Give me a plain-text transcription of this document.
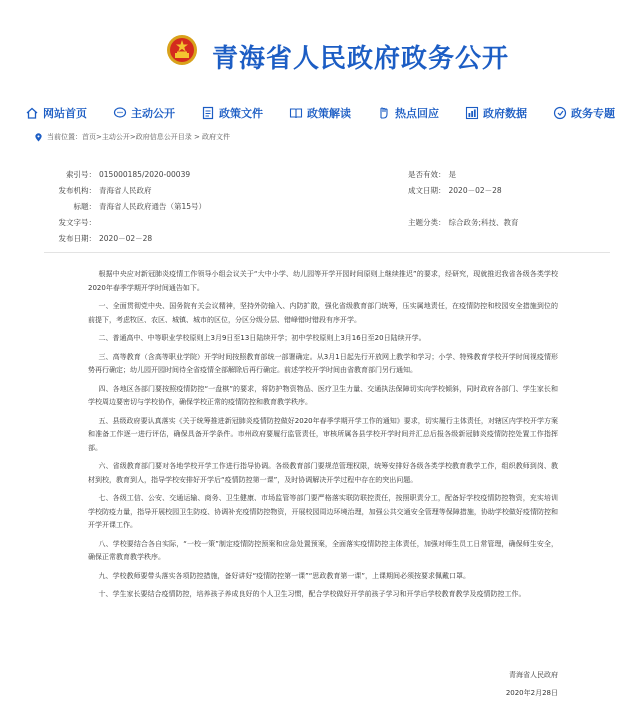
青海省人民政府政务公开
网站首页	主动公开	政策文件	政策解读	热点回应	政府数据	政务专题
当前位置：首页>主动公开>政府信息公开目录 > 政府文件
索引号： 015000185/2020-00039	是否有效： 是
发布机构： 青海省人民政府	成文日期： 2020－02－28
标题： 青海省人民政府通告（第15号）
发文字号：	主题分类： 综合政务;科技、教育
发布日期： 2020－02－28

根据中央应对新冠肺炎疫情工作领导小组会议关于“大中小学、幼儿园等开学开园时间原则上继续推迟”的要求，经研究，现就推迟我省各级各类学校2020年春季学期开学时间通告如下。

一、全面贯彻党中央、国务院有关会议精神，坚持外防输入、内防扩散，强化省级教育部门统筹，压实属地责任，在疫情防控和校园安全措施到位的前提下，考虑牧区、农区、城镇、城市的区位，分区分级分层、错峰错时错段有序开学。

二、普通高中、中等职业学校原则上3月9日至13日陆续开学；初中学校原则上3月16日至20日陆续开学。

三、高等教育（含高等职业学院）开学时间按照教育部统一部署确定。从3月1日起先行开放网上教学和学习；小学、特殊教育学校开学时间视疫情形势再行确定；幼儿园开园时间待全省疫情全部解除后再行确定。前述学校开学时间由省教育部门另行通知。

四、各地区各部门要按照疫情防控“一盘棋”的要求，将防护物资物品、医疗卫生力量、交通执法保障切实向学校倾斜，同时政府各部门、学生家长和学校周边要密切与学校协作，确保学校正常的疫情防控和教育教学秩序。

五、县级政府要认真落实《关于统筹推进新冠肺炎疫情防控做好2020年春季学期开学工作的通知》要求，切实履行主体责任，对辖区内学校开学方案和准备工作逐一进行评估，确保具备开学条件。市州政府要履行监管责任，审核所属各县学校开学时间并汇总后报各级新冠肺炎疫情防控处置工作指挥部。

六、省级教育部门要对各地学校开学工作进行指导协调。各级教育部门要规范管理权限，统筹安排好各级各类学校教育教学工作，组织教师到岗、教材到校，教育到人，指导学校安排好开学后“疫情防控第一课”，及时协调解决开学过程中存在的突出问题。

七、各级工信、公安、交通运输、商务、卫生健康、市场监管等部门要严格落实联防联控责任，按照职责分工，配备好学校疫情防控物资，充实培训学校防疫力量，指导开展校园卫生防疫、协调补充疫情防控物资，开展校园周边环境治理，加强公共交通安全管理等保障措施，协助学校做好疫情防控和开学开课工作。

八、学校要结合各自实际，“一校一策”制定疫情防控预案和应急处置预案，全面落实疫情防控主体责任，加强对师生员工日常管理，确保师生安全，确保正常教育教学秩序。

九、学校教师要带头落实各项防控措施，备好讲好“疫情防控第一课”“思政教育第一课”，上课期间必须按要求佩戴口罩。

十、学生家长要结合疫情防控，培养孩子养成良好的个人卫生习惯，配合学校做好开学前孩子学习和开学后学校教育教学及疫情防控工作。

青海省人民政府
2020年2月28日
